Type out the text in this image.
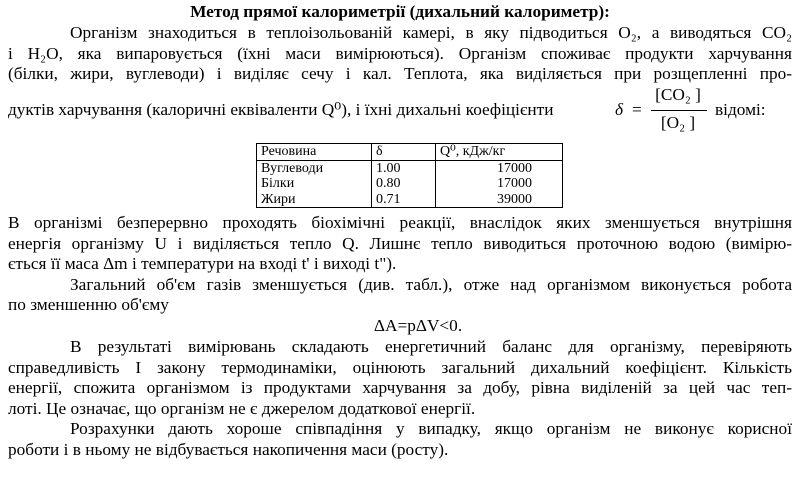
Метод прямої калориметрії (дихальний калориметр):
Організм знаходиться в теплоізольованій камері, в яку підводиться O₂, а виводяться CO₂
і H₂O, яка випаровується (їхні маси вимірюються). Організм споживає продукти харчування
(білки, жири, вуглеводи) і виділяє сечу і кал. Теплота, яка виділяється при розщепленні про-
дуктів харчування (калоричні еквіваленти Q⁰), і їхні дихальні коефіцієнти	δ =
[CO₂ ]
[O₂ ]
відомі:
Речовина	δ	Q⁰, кДж/кг
Вуглеводи	1.00	17000
Білки	0.80	17000
Жири	0.71	39000
В організмі безперервно проходять біохімічні реакції, внаслідок яких зменшується внутрішня
енергія організму U і виділяється тепло Q. Лишнє тепло виводиться проточною водою (вимірю-
ється її маса Δm і температури на вході t' і виході t").
Загальний об'єм газів зменшується (див. табл.), отже над організмом виконується робота
по зменшенню об'єму
ΔA=pΔV<0.
В результаті вимірювань складають енергетичний баланс для організму, перевіряють
справедливість I закону термодинаміки, оцінюють загальний дихальний коефіцієнт. Кількість
енергії, спожита організмом із продуктами харчування за добу, рівна виділеній за цей час теп-
лоті. Це означає, що організм не є джерелом додаткової енергії.
Розрахунки дають хороше співпадіння у випадку, якщо організм не виконує корисної
роботи і в ньому не відбувається накопичення маси (росту).
